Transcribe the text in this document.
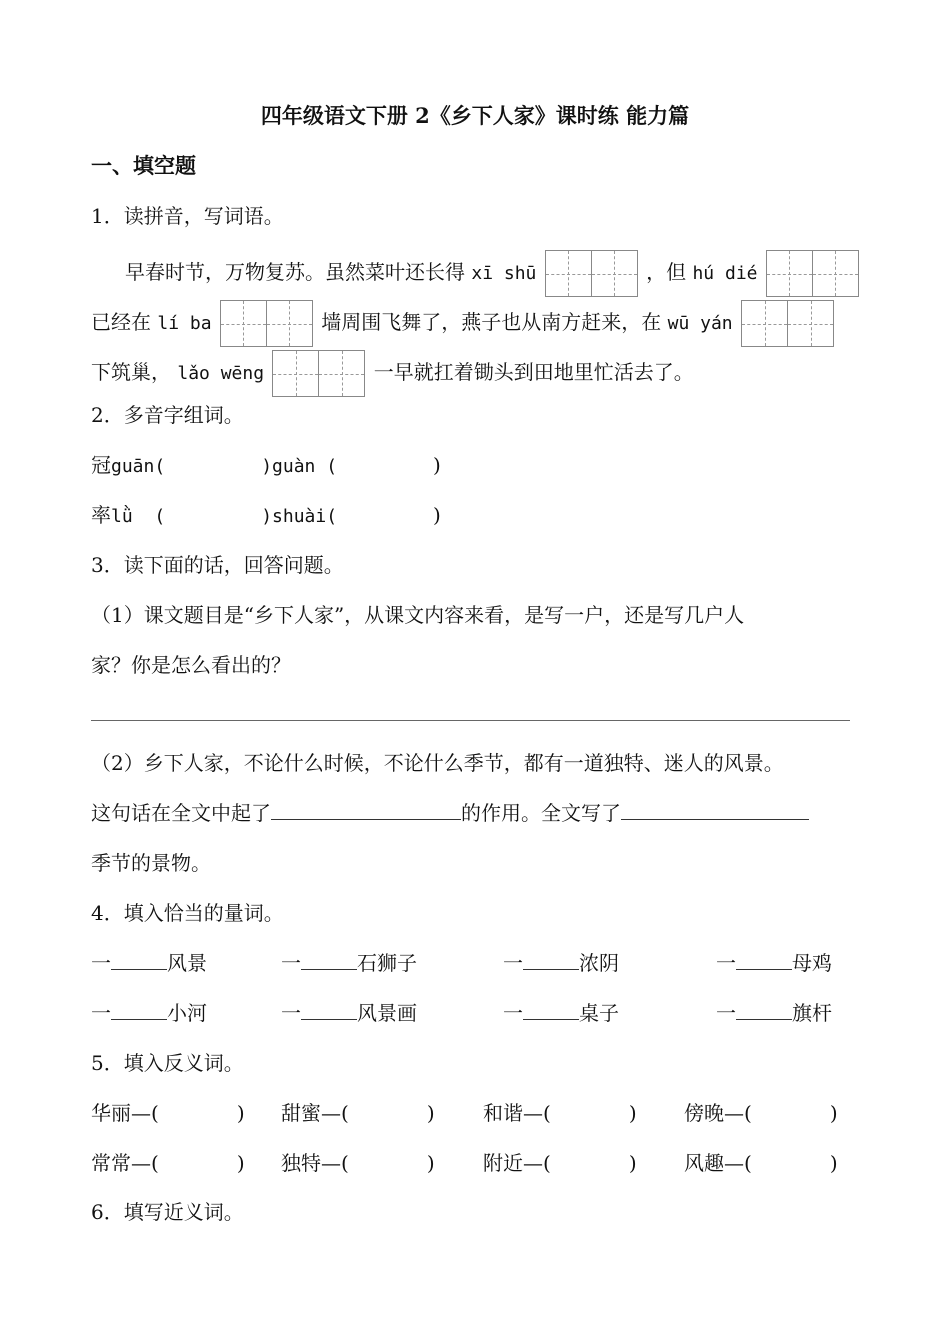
四年级语文下册 2《乡下人家》课时练 能力篇
一、填空题
1．读拼音，写词语。
早春时节，万物复苏。虽然菜叶还长得 xī shū	，但 hú dié
已经在 lí ba	墙周围飞舞了，燕子也从南方赶来，在 wū yán
下筑巢， lǎo wēng	一早就扛着锄头到田地里忙活去了。
2．多音字组词。
冠guān(	)guàn (	)
率lǜ  (	)shuài(	)
3．读下面的话，回答问题。
（1）课文题目是“乡下人家”，从课文内容来看，是写一户，还是写几户人
家？你是怎么看出的？
（2）乡下人家，不论什么时候，不论什么季节，都有一道独特、迷人的风景。
这句话在全文中起了	的作用。全文写了
季节的景物。
4．填入恰当的量词。
一	风景	一	石狮子	一	浓阴	一	母鸡
一	小河	一	风景画	一	桌子	一	旗杆
5．填入反义词。
华丽—(	) 甜蜜—(	) 和谐—(	) 傍晚—(	)
常常—(	) 独特—(	) 附近—(	) 风趣—(	)
6．填写近义词。
